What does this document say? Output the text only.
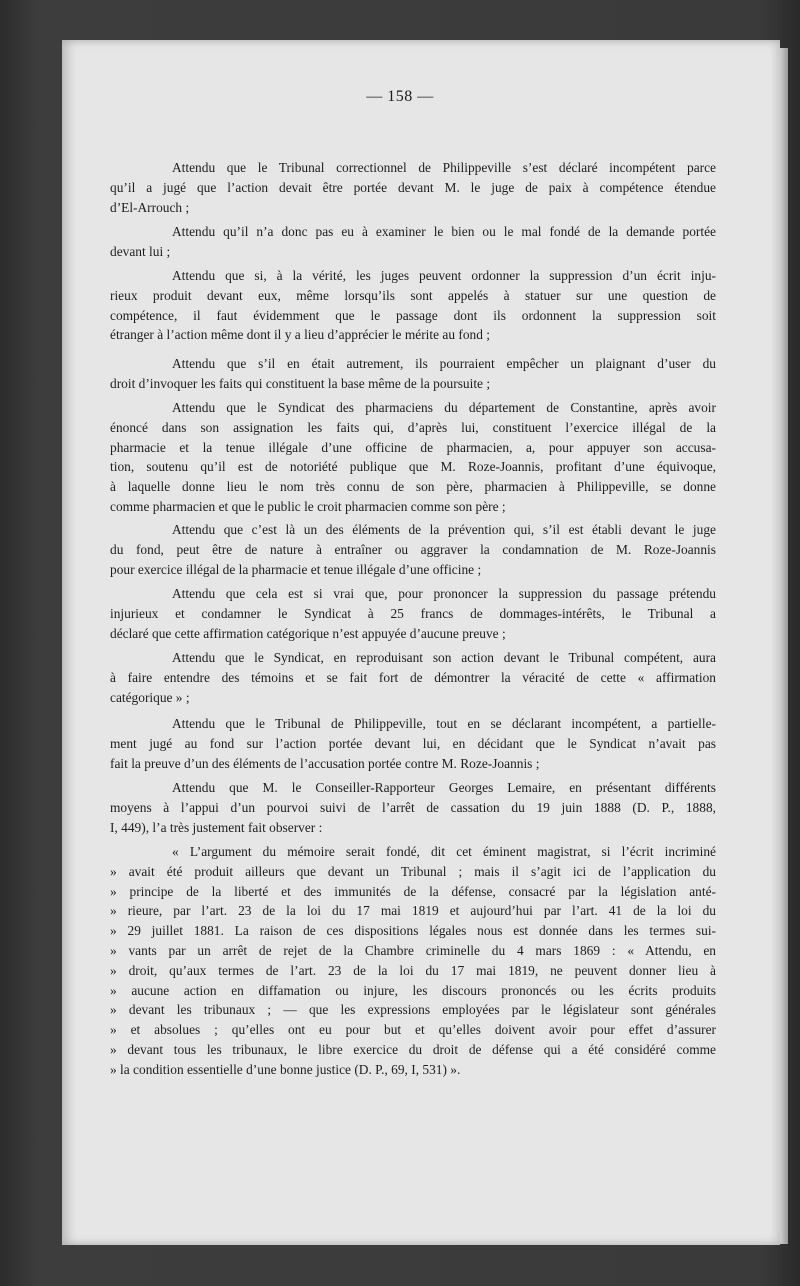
— 158 —
Attendu que le Tribunal correctionnel de Philippeville s’est déclaré incompétent parce
qu’il a jugé que l’action devait être portée devant M. le juge de paix à compétence étendue
d’El-Arrouch ;
Attendu qu’il n’a donc pas eu à examiner le bien ou le mal fondé de la demande portée
devant lui ;
Attendu que si, à la vérité, les juges peuvent ordonner la suppression d’un écrit inju-
rieux produit devant eux, même lorsqu’ils sont appelés à statuer sur une question de
compétence, il faut évidemment que le passage dont ils ordonnent la suppression soit
étranger à l’action même dont il y a lieu d’apprécier le mérite au fond ;
Attendu que s’il en était autrement, ils pourraient empêcher un plaignant d’user du
droit d’invoquer les faits qui constituent la base même de la poursuite ;
Attendu que le Syndicat des pharmaciens du département de Constantine, après avoir
énoncé dans son assignation les faits qui, d’après lui, constituent l’exercice illégal de la
pharmacie et la tenue illégale d’une officine de pharmacien, a, pour appuyer son accusa-
tion, soutenu qu’il est de notoriété publique que M. Roze-Joannis, profitant d’une équivoque,
à laquelle donne lieu le nom très connu de son père, pharmacien à Philippeville, se donne
comme pharmacien et que le public le croit pharmacien comme son père ;
Attendu que c’est là un des éléments de la prévention qui, s’il est établi devant le juge
du fond, peut être de nature à entraîner ou aggraver la condamnation de M. Roze-Joannis
pour exercice illégal de la pharmacie et tenue illégale d’une officine ;
Attendu que cela est si vrai que, pour prononcer la suppression du passage prétendu
injurieux et condamner le Syndicat à 25 francs de dommages-intérêts, le Tribunal a
déclaré que cette affirmation catégorique n’est appuyée d’aucune preuve ;
Attendu que le Syndicat, en reproduisant son action devant le Tribunal compétent, aura
à faire entendre des témoins et se fait fort de démontrer la véracité de cette « affirmation
catégorique » ;
Attendu que le Tribunal de Philippeville, tout en se déclarant incompétent, a partielle-
ment jugé au fond sur l’action portée devant lui, en décidant que le Syndicat n’avait pas
fait la preuve d’un des éléments de l’accusation portée contre M. Roze-Joannis ;
Attendu que M. le Conseiller-Rapporteur Georges Lemaire, en présentant différents
moyens à l’appui d’un pourvoi suivi de l’arrêt de cassation du 19 juin 1888 (D. P., 1888,
I, 449), l’a très justement fait observer :
« L’argument du mémoire serait fondé, dit cet éminent magistrat, si l’écrit incriminé
» avait été produit ailleurs que devant un Tribunal ; mais il s’agit ici de l’application du
» principe de la liberté et des immunités de la défense, consacré par la législation anté-
» rieure, par l’art. 23 de la loi du 17 mai 1819 et aujourd’hui par l’art. 41 de la loi du
» 29 juillet 1881. La raison de ces dispositions légales nous est donnée dans les termes sui-
» vants par un arrêt de rejet de la Chambre criminelle du 4 mars 1869 : « Attendu, en
» droit, qu’aux termes de l’art. 23 de la loi du 17 mai 1819, ne peuvent donner lieu à
» aucune action en diffamation ou injure, les discours prononcés ou les écrits produits
» devant les tribunaux ; — que les expressions employées par le législateur sont générales
» et absolues ; qu’elles ont eu pour but et qu’elles doivent avoir pour effet d’assurer
» devant tous les tribunaux, le libre exercice du droit de défense qui a été considéré comme
» la condition essentielle d’une bonne justice (D. P., 69, I, 531) ».
